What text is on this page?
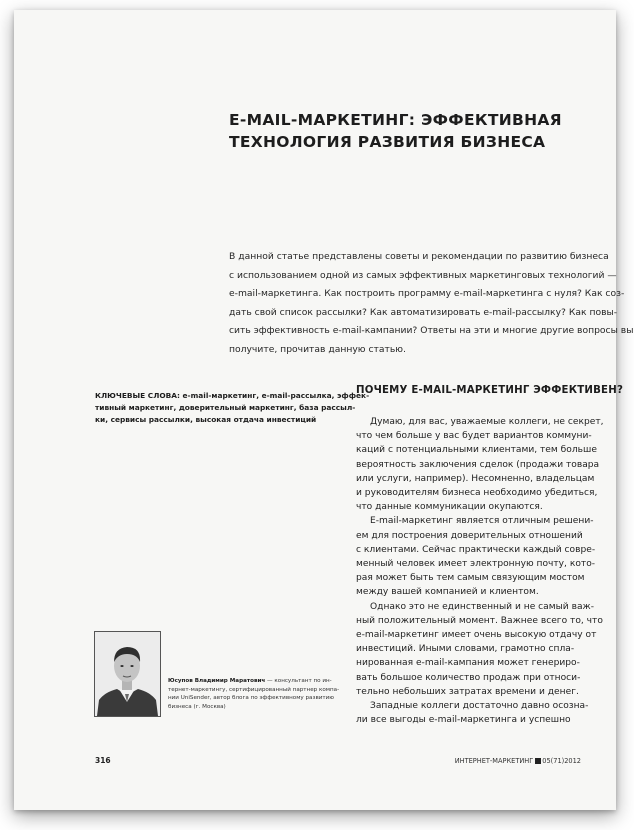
E-MAIL-МАРКЕТИНГ: ЭФФЕКТИВНАЯ
ТЕХНОЛОГИЯ РАЗВИТИЯ БИЗНЕСА
В данной статье представлены советы и рекомендации по развитию бизнеса
с использованием одной из самых эффективных маркетинговых технологий —
e-mail-маркетинга. Как построить программу e-mail-маркетинга с нуля? Как соз-
дать свой список рассылки? Как автоматизировать e-mail-рассылку? Как повы-
сить эффективность e-mail-кампании? Ответы на эти и многие другие вопросы вы
получите, прочитав данную статью.
КЛЮЧЕВЫЕ СЛОВА: e-mail-маркетинг, e-mail-рассылка, эффек-
тивный маркетинг, доверительный маркетинг, база рассыл-
ки, сервисы рассылки, высокая отдача инвестиций
ПОЧЕМУ E-MAIL-МАРКЕТИНГ ЭФФЕКТИВЕН?
Думаю, для вас, уважаемые коллеги, не секрет,
что чем больше у вас будет вариантов коммуни-
каций с потенциальными клиентами, тем больше
вероятность заключения сделок (продажи товара
или услуги, например). Несомненно, владельцам
и руководителям бизнеса необходимо убедиться,
что данные коммуникации окупаются.
E-mail-маркетинг является отличным решени-
ем для построения доверительных отношений
с клиентами. Сейчас практически каждый совре-
менный человек имеет электронную почту, кото-
рая может быть тем самым связующим мостом
между вашей компанией и клиентом.
Однако это не единственный и не самый важ-
ный положительный момент. Важнее всего то, что
e-mail-маркетинг имеет очень высокую отдачу от
инвестиций. Иными словами, грамотно спла-
нированная e-mail-кампания может генериро-
вать большое количество продаж при относи-
тельно небольших затратах времени и денег.
Западные коллеги достаточно давно осозна-
ли все выгоды e-mail-маркетинга и успешно
Юсупов Владимир Маратович — консультант по ин-
тернет-маркетингу, сертифицированный партнер компа-
нии UniSender, автор блога по эффективному развитию
бизнеса (г. Москва)
316	ИНТЕРНЕТ-МАРКЕТИНГ 05(71)2012
